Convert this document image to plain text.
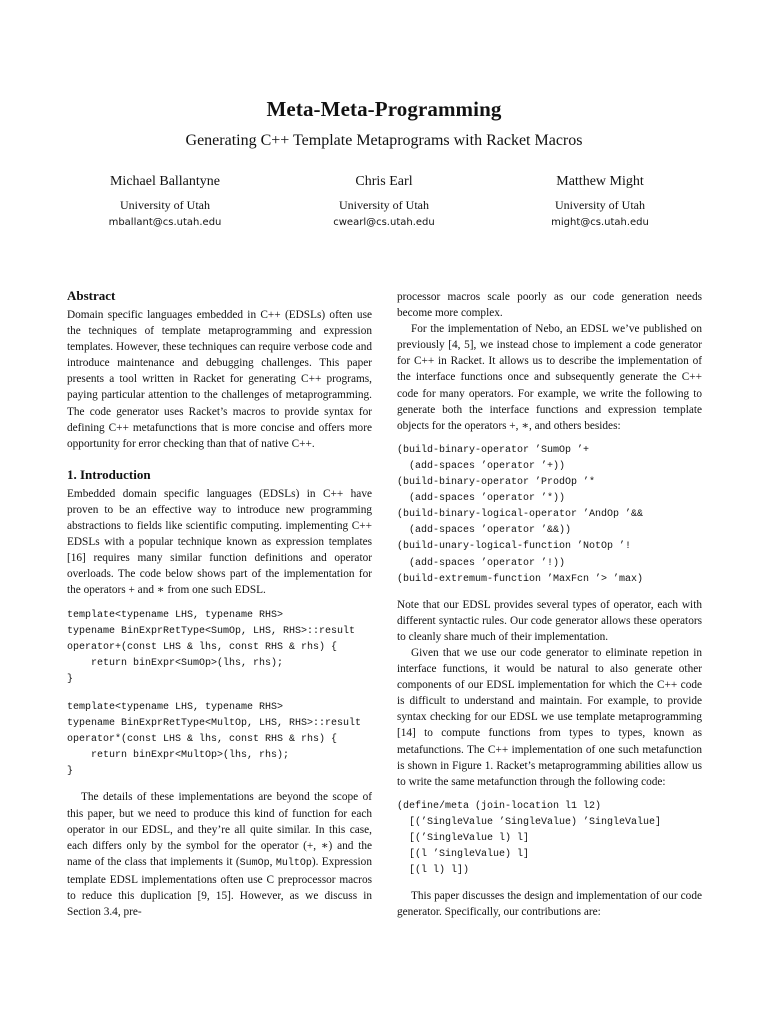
Meta-Meta-Programming
Generating C++ Template Metaprograms with Racket Macros
Michael Ballantyne
University of Utah
mballant@cs.utah.edu
Chris Earl
University of Utah
cwearl@cs.utah.edu
Matthew Might
University of Utah
might@cs.utah.edu
Abstract

Domain specific languages embedded in C++ (EDSLs) often use the techniques of template metaprogramming and expression templates. However, these techniques can require verbose code and introduce maintenance and debugging challenges. This paper presents a tool written in Racket for generating C++ programs, paying particular attention to the challenges of metaprogramming. The code generator uses Racket’s macros to provide syntax for defining C++ metafunctions that is more concise and offers more opportunity for error checking than that of native C++.

1. Introduction

Embedded domain specific languages (EDSLs) in C++ have proven to be an effective way to introduce new programming abstractions to fields like scientific computing. implementing C++ EDSLs with a popular technique known as expression templates [16] requires many similar function definitions and operator overloads. The code below shows part of the implementation for the operators + and ∗ from one such EDSL.

template<typename LHS, typename RHS>
typename BinExprRetType<SumOp, LHS, RHS>::result
operator+(const LHS & lhs, const RHS & rhs) {
return binExpr<SumOp>(lhs, rhs);
}
template<typename LHS, typename RHS>
typename BinExprRetType<MultOp, LHS, RHS>::result
operator*(const LHS & lhs, const RHS & rhs) {
return binExpr<MultOp>(lhs, rhs);
}

The details of these implementations are beyond the scope of this paper, but we need to produce this kind of function for each operator in our EDSL, and they’re all quite similar. In this case, each differs only by the symbol for the operator (+, ∗) and the name of the class that implements it (SumOp, MultOp). Expression template EDSL implementations often use C preprocessor macros to reduce this duplication [9, 15]. However, as we discuss in Section 3.4, pre-

processor macros scale poorly as our code generation needs become more complex.

For the implementation of Nebo, an EDSL we’ve published on previously [4, 5], we instead chose to implement a code generator for C++ in Racket. It allows us to describe the implementation of the interface functions once and subsequently generate the C++ code for many operators. For example, we write the following to generate both the interface functions and expression template objects for the operators +, ∗, and others besides:

(build-binary-operator ’SumOp ’+
(add-spaces ’operator ’+))
(build-binary-operator ’ProdOp ’*
(add-spaces ’operator ’*))
(build-binary-logical-operator ’AndOp ’&&
(add-spaces ’operator ’&&))
(build-unary-logical-function ’NotOp ’!
(add-spaces ’operator ’!))
(build-extremum-function ’MaxFcn ’> ’max)

Note that our EDSL provides several types of operator, each with different syntactic rules. Our code generator allows these operators to cleanly share much of their implementation.

Given that we use our code generator to eliminate repetion in interface functions, it would be natural to also generate other components of our EDSL implementation for which the C++ code is difficult to understand and maintain. For example, to provide syntax checking for our EDSL we use template metaprogramming [14] to compute functions from types to types, known as metafunctions. The C++ implementation of one such metafunction is shown in Figure 1. Racket’s metaprogramming abilities allow us to write the same metafunction through the following code:

(define/meta (join-location l1 l2)
[(’SingleValue ’SingleValue) ’SingleValue]
[(’SingleValue l) l]
[(l ’SingleValue) l]
[(l l) l])

This paper discusses the design and implementation of our code generator. Specifically, our contributions are:
